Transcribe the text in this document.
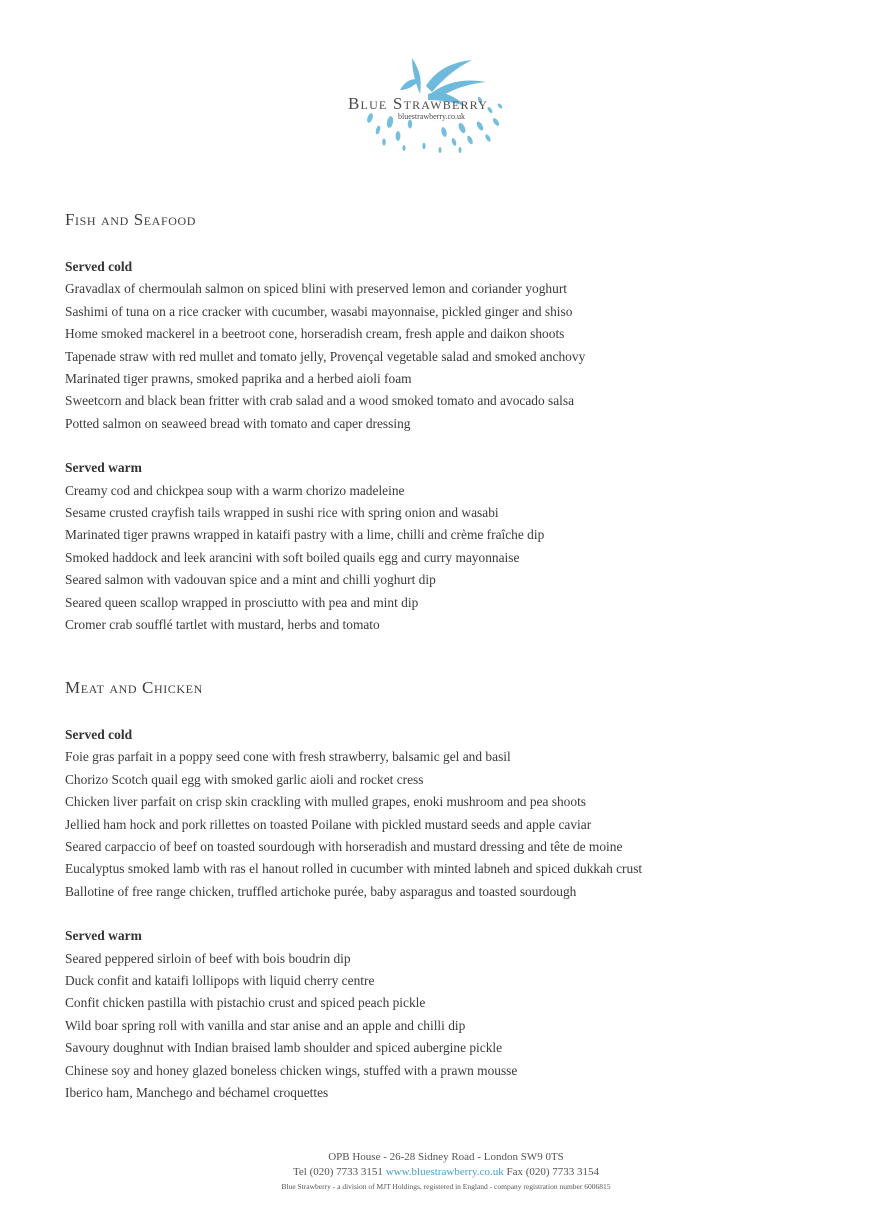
Blue Strawberry
bluestrawberry.co.uk
Fish and Seafood
Served cold
Gravadlax of chermoulah salmon on spiced blini with preserved lemon and coriander yoghurt
Sashimi of tuna on a rice cracker with cucumber, wasabi mayonnaise, pickled ginger and shiso
Home smoked mackerel in a beetroot cone, horseradish cream, fresh apple and daikon shoots
Tapenade straw with red mullet and tomato jelly, Provençal vegetable salad and smoked anchovy
Marinated tiger prawns, smoked paprika and a herbed aioli foam
Sweetcorn and black bean fritter with crab salad and a wood smoked tomato and avocado salsa
Potted salmon on seaweed bread with tomato and caper dressing
Served warm
Creamy cod and chickpea soup with a warm chorizo madeleine
Sesame crusted crayfish tails wrapped in sushi rice with spring onion and wasabi
Marinated tiger prawns wrapped in kataifi pastry with a lime, chilli and crème fraîche dip
Smoked haddock and leek arancini with soft boiled quails egg and curry mayonnaise
Seared salmon with vadouvan spice and a mint and chilli yoghurt dip
Seared queen scallop wrapped in prosciutto with pea and mint dip
Cromer crab soufflé tartlet with mustard, herbs and tomato
Meat and Chicken
Served cold
Foie gras parfait in a poppy seed cone with fresh strawberry, balsamic gel and basil
Chorizo Scotch quail egg with smoked garlic aioli and rocket cress
Chicken liver parfait on crisp skin crackling with mulled grapes, enoki mushroom and pea shoots
Jellied ham hock and pork rillettes on toasted Poilane with pickled mustard seeds and apple caviar
Seared carpaccio of beef on toasted sourdough with horseradish and mustard dressing and tête de moine
Eucalyptus smoked lamb with ras el hanout rolled in cucumber with minted labneh and spiced dukkah crust
Ballotine of free range chicken, truffled artichoke purée, baby asparagus and toasted sourdough
Served warm
Seared peppered sirloin of beef with bois boudrin dip
Duck confit and kataifi lollipops with liquid cherry centre
Confit chicken pastilla with pistachio crust and spiced peach pickle
Wild boar spring roll with vanilla and star anise and an apple and chilli dip
Savoury doughnut with Indian braised lamb shoulder and spiced aubergine pickle
Chinese soy and honey glazed boneless chicken wings, stuffed with a prawn mousse
Iberico ham, Manchego and béchamel croquettes
OPB House - 26-28 Sidney Road - London SW9 0TS
Tel (020) 7733 3151 www.bluestrawberry.co.uk Fax (020) 7733 3154
Blue Strawberry - a division of MJT Holdings, registered in England - company registration number 6006815
